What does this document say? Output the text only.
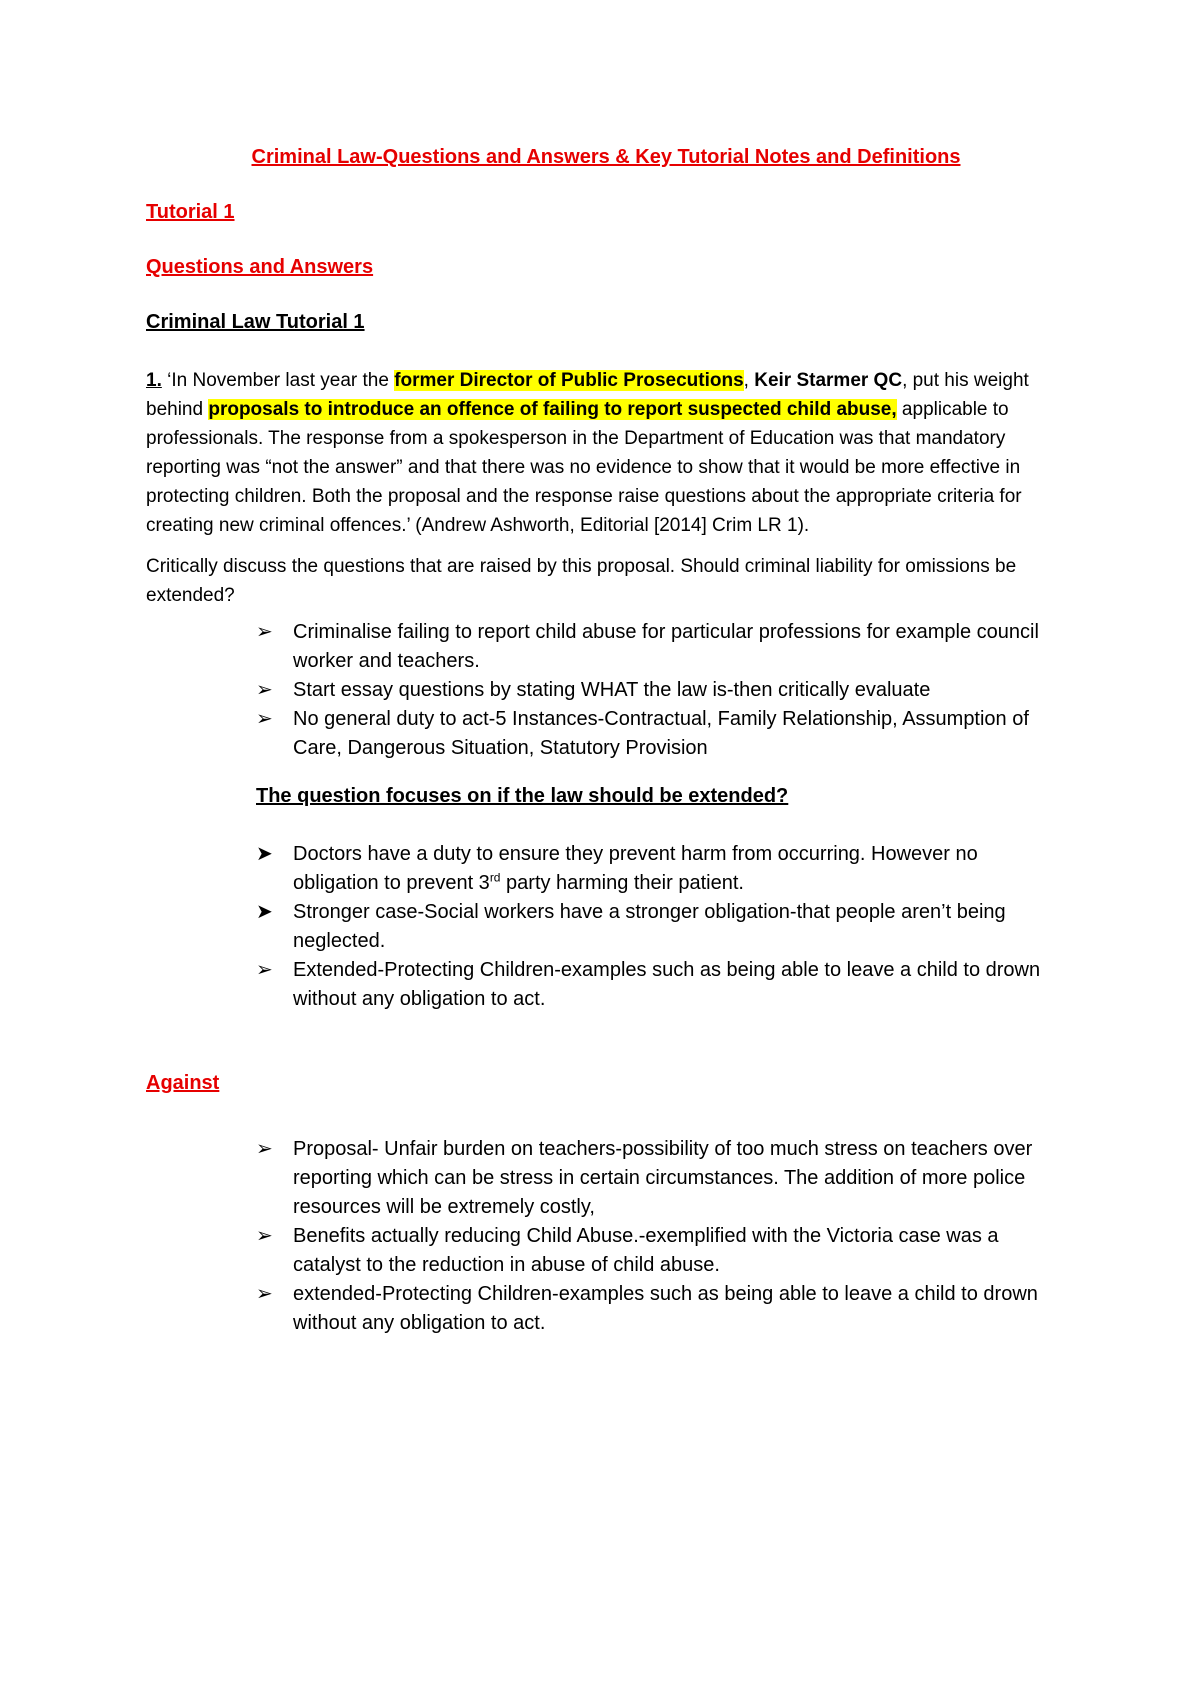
Criminal Law-Questions and Answers & Key Tutorial Notes and Definitions
Tutorial 1
Questions and Answers
Criminal Law Tutorial 1

1. ‘In November last year the former Director of Public Prosecutions, Keir Starmer QC, put his weight behind proposals to introduce an offence of failing to report suspected child abuse, applicable to professionals. The response from a spokesperson in the Department of Education was that mandatory reporting was “not the answer” and that there was no evidence to show that it would be more effective in protecting children. Both the proposal and the response raise questions about the appropriate criteria for creating new criminal offences.’ (Andrew Ashworth, Editorial [2014] Crim LR 1).

Critically discuss the questions that are raised by this proposal. Should criminal liability for omissions be extended?

➢ Criminalise failing to report child abuse for particular professions for example council worker and teachers.
➢ Start essay questions by stating WHAT the law is-then critically evaluate
➢ No general duty to act-5 Instances-Contractual, Family Relationship, Assumption of Care, Dangerous Situation, Statutory Provision
The question focuses on if the law should be extended?
➤ Doctors have a duty to ensure they prevent harm from occurring. However no obligation to prevent 3rd party harming their patient.
➤ Stronger case-Social workers have a stronger obligation-that people aren’t being neglected.
➢ Extended-Protecting Children-examples such as being able to leave a child to drown without any obligation to act.
Against
➢ Proposal- Unfair burden on teachers-possibility of too much stress on teachers over reporting which can be stress in certain circumstances. The addition of more police resources will be extremely costly,
➢ Benefits actually reducing Child Abuse.-exemplified with the Victoria case was a catalyst to the reduction in abuse of child abuse.
➢ extended-Protecting Children-examples such as being able to leave a child to drown without any obligation to act.
